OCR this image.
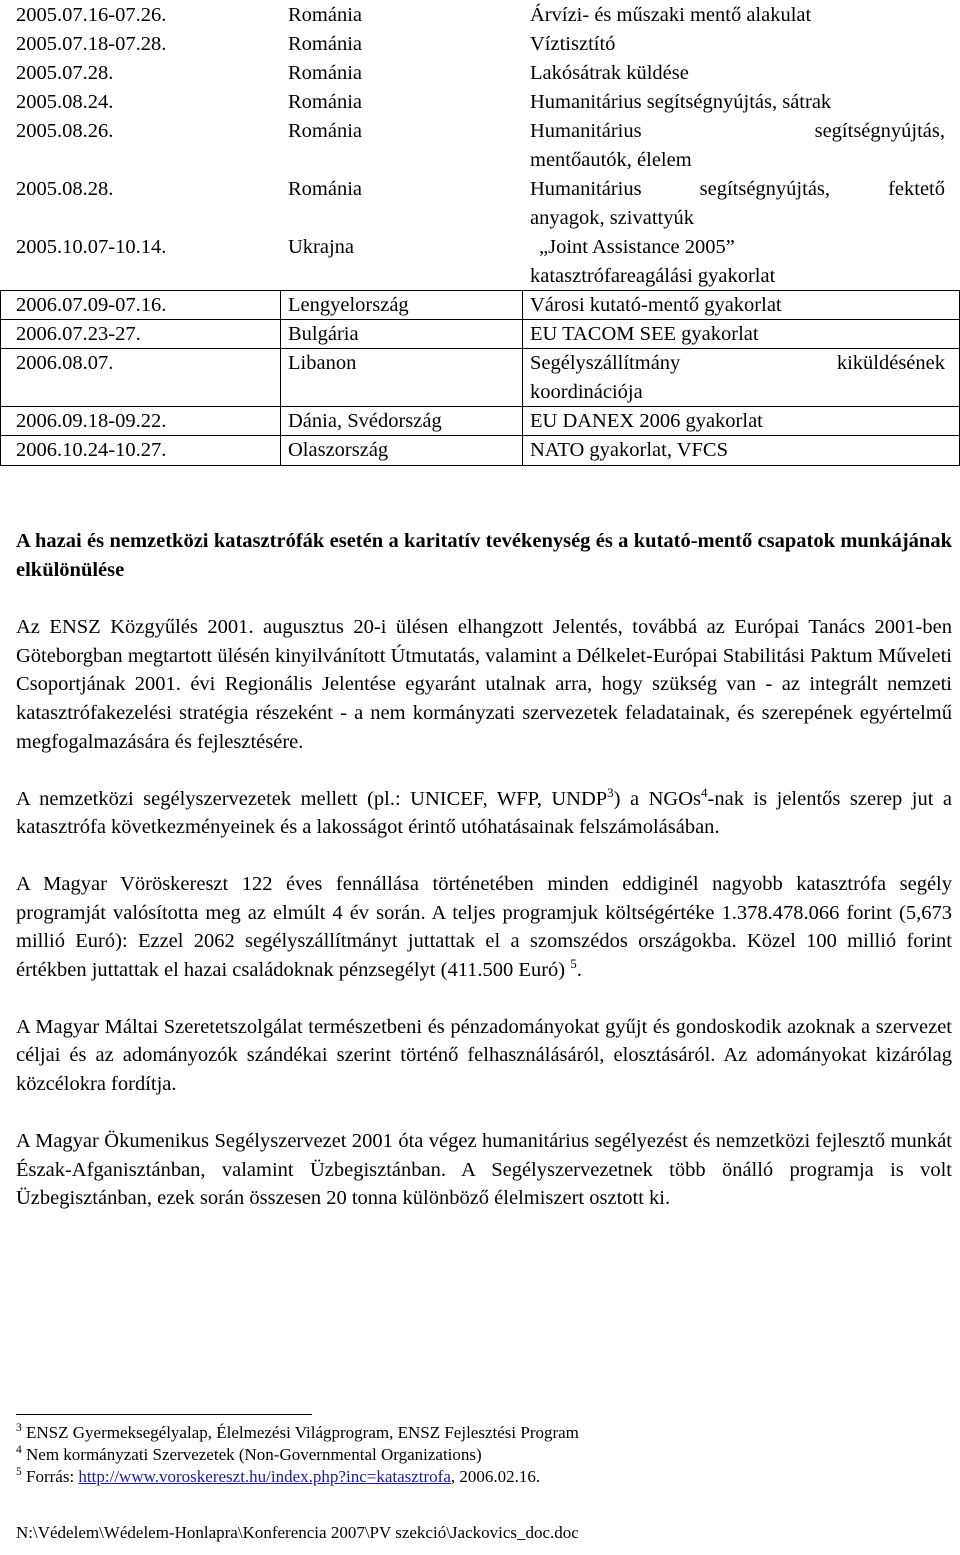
2005.07.16-07.26.	Románia	Árvízi- és műszaki mentő alakulat
2005.07.18-07.28.	Románia	Víztisztító
2005.07.28.	Románia	Lakósátrak küldése
2005.08.24.	Románia	Humanitárius segítségnyújtás, sátrak
2005.08.26.	Románia	Humanitárius segítségnyújtás,
mentőautók, élelem
2005.08.28.	Románia	Humanitárius segítségnyújtás, fektető
anyagok, szivattyúk
2005.10.07-10.14.	Ukrajna	„Joint Assistance 2005”
katasztrófareagálási gyakorlat
2006.07.09-07.16.	Lengyelország	Városi kutató-mentő gyakorlat
2006.07.23-27.	Bulgária	EU TACOM SEE gyakorlat
2006.08.07.	Libanon	Segélyszállítmány kiküldésének
koordinációja
2006.09.18-09.22.	Dánia, Svédország	EU DANEX 2006 gyakorlat
2006.10.24-10.27.	Olaszország	NATO gyakorlat, VFCS

A hazai és nemzetközi katasztrófák esetén a karitatív tevékenység és a kutató-mentő csapatok munkájának elkülönülése

Az ENSZ Közgyűlés 2001. augusztus 20-i ülésen elhangzott Jelentés, továbbá az Európai Tanács 2001-ben Göteborgban megtartott ülésén kinyilvánított Útmutatás, valamint a Délkelet-Európai Stabilitási Paktum Műveleti Csoportjának 2001. évi Regionális Jelentése egyaránt utalnak arra, hogy szükség van - az integrált nemzeti katasztrófakezelési stratégia részeként - a nem kormányzati szervezetek feladatainak, és szerepének egyértelmű megfogalmazására és fejlesztésére.

A nemzetközi segélyszervezetek mellett (pl.: UNICEF, WFP, UNDP$^3$) a NGOs$^4$-nak is jelentős szerep jut a katasztrófa következményeinek és a lakosságot érintő utóhatásainak felszámolásában.

A Magyar Vöröskereszt 122 éves fennállása történetében minden eddiginél nagyobb katasztrófa segély programját valósította meg az elmúlt 4 év során. A teljes programjuk költségértéke 1.378.478.066 forint (5,673 millió Euró): Ezzel 2062 segélyszállítmányt juttattak el a szomszédos országokba. Közel 100 millió forint értékben juttattak el hazai családoknak pénzsegélyt (411.500 Euró) $^5$.

A Magyar Máltai Szeretetszolgálat természetbeni és pénzadományokat gyűjt és gondoskodik azoknak a szervezet céljai és az adományozók szándékai szerint történő felhasználásáról, elosztásáról. Az adományokat kizárólag közcélokra fordítja.

A Magyar Ökumenikus Segélyszervezet 2001 óta végez humanitárius segélyezést és nemzetközi fejlesztő munkát Észak-Afganisztánban, valamint Üzbegisztánban. A Segélyszervezetnek több önálló programja is volt Üzbegisztánban, ezek során összesen 20 tonna különböző élelmiszert osztott ki.

$^3$ ENSZ Gyermeksegélyalap, Élelmezési Világprogram, ENSZ Fejlesztési Program

$^4$ Nem kormányzati Szervezetek (Non-Governmental Organizations)

$^5$ Forrás: http://www.voroskereszt.hu/index.php?inc=katasztrofa, 2006.02.16.

N:\Védelem\Wédelem-Honlapra\Konferencia 2007\PV szekció\Jackovics_doc.doc
